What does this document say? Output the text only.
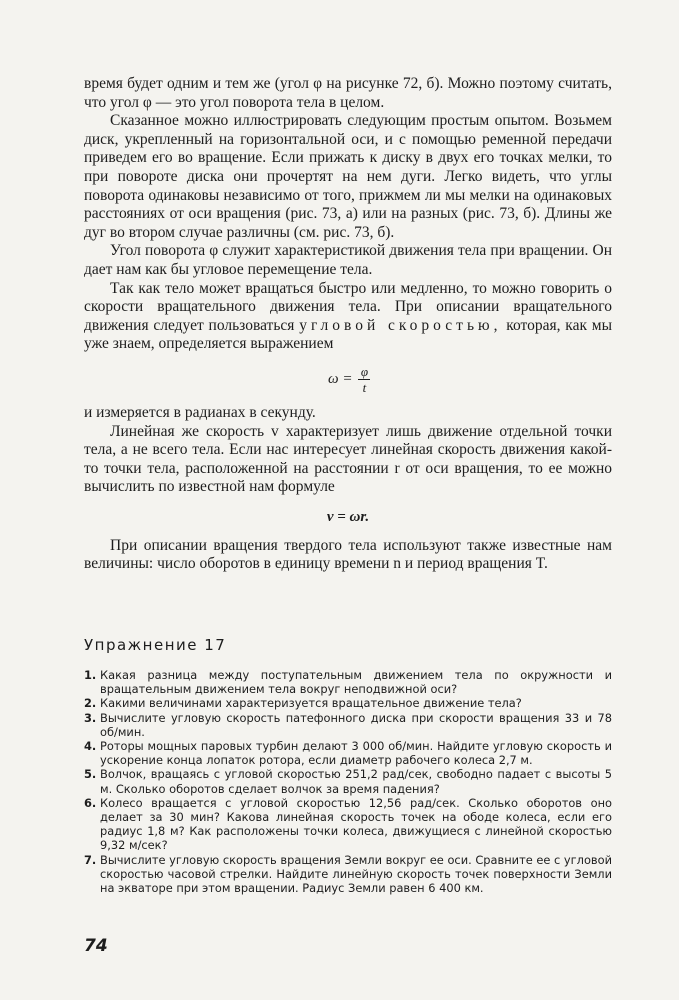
время будет одним и тем же (угол φ на рисунке 72, б). Можно поэтому считать, что угол φ — это угол поворота тела в целом.

Сказанное можно иллюстрировать следующим простым опытом. Возьмем диск, укрепленный на горизонтальной оси, и с помощью ременной передачи приведем его во вращение. Если прижать к диску в двух его точках мелки, то при повороте диска они прочертят на нем дуги. Легко видеть, что углы поворота одинаковы независимо от того, прижмем ли мы мелки на одинаковых расстояниях от оси вращения (рис. 73, а) или на разных (рис. 73, б). Длины же дуг во втором случае различны (см. рис. 73, б).

Угол поворота φ служит характеристикой движения тела при вращении. Он дает нам как бы угловое перемещение тела.

Так как тело может вращаться быстро или медленно, то можно говорить о скорости вращательного движения тела. При описании вращательного движения следует пользоваться угловой скоростью, которая, как мы уже знаем, определяется выражением

$\omega = \frac{\varphi}{t}$

и измеряется в радианах в секунду.

Линейная же скорость v характеризует лишь движение отдельной точки тела, а не всего тела. Если нас интересует линейная скорость движения какой-то точки тела, расположенной на расстоянии r от оси вращения, то ее можно вычислить по известной нам формуле

v = ωr.

При описании вращения твердого тела используют также известные нам величины: число оборотов в единицу времени n и период вращения T.

Упражнение 17
1. Какая разница между поступательным движением тела по окружности и вращательным движением тела вокруг неподвижной оси?
2. Какими величинами характеризуется вращательное движение тела?
3. Вычислите угловую скорость патефонного диска при скорости вращения 33 и 78 об/мин.
4. Роторы мощных паровых турбин делают 3 000 об/мин. Найдите угловую скорость и ускорение конца лопаток ротора, если диаметр рабочего колеса 2,7 м.
5. Волчок, вращаясь с угловой скоростью 251,2 рад/сек, свободно падает с высоты 5 м. Сколько оборотов сделает волчок за время падения?
6. Колесо вращается с угловой скоростью 12,56 рад/сек. Сколько оборотов оно делает за 30 мин? Какова линейная скорость точек на ободе колеса, если его радиус 1,8 м? Как расположены точки колеса, движущиеся с линейной скоростью 9,32 м/сек?
7. Вычислите угловую скорость вращения Земли вокруг ее оси. Сравните ее с угловой скоростью часовой стрелки. Найдите линейную скорость точек поверхности Земли на экваторе при этом вращении. Радиус Земли равен 6 400 км.
74
